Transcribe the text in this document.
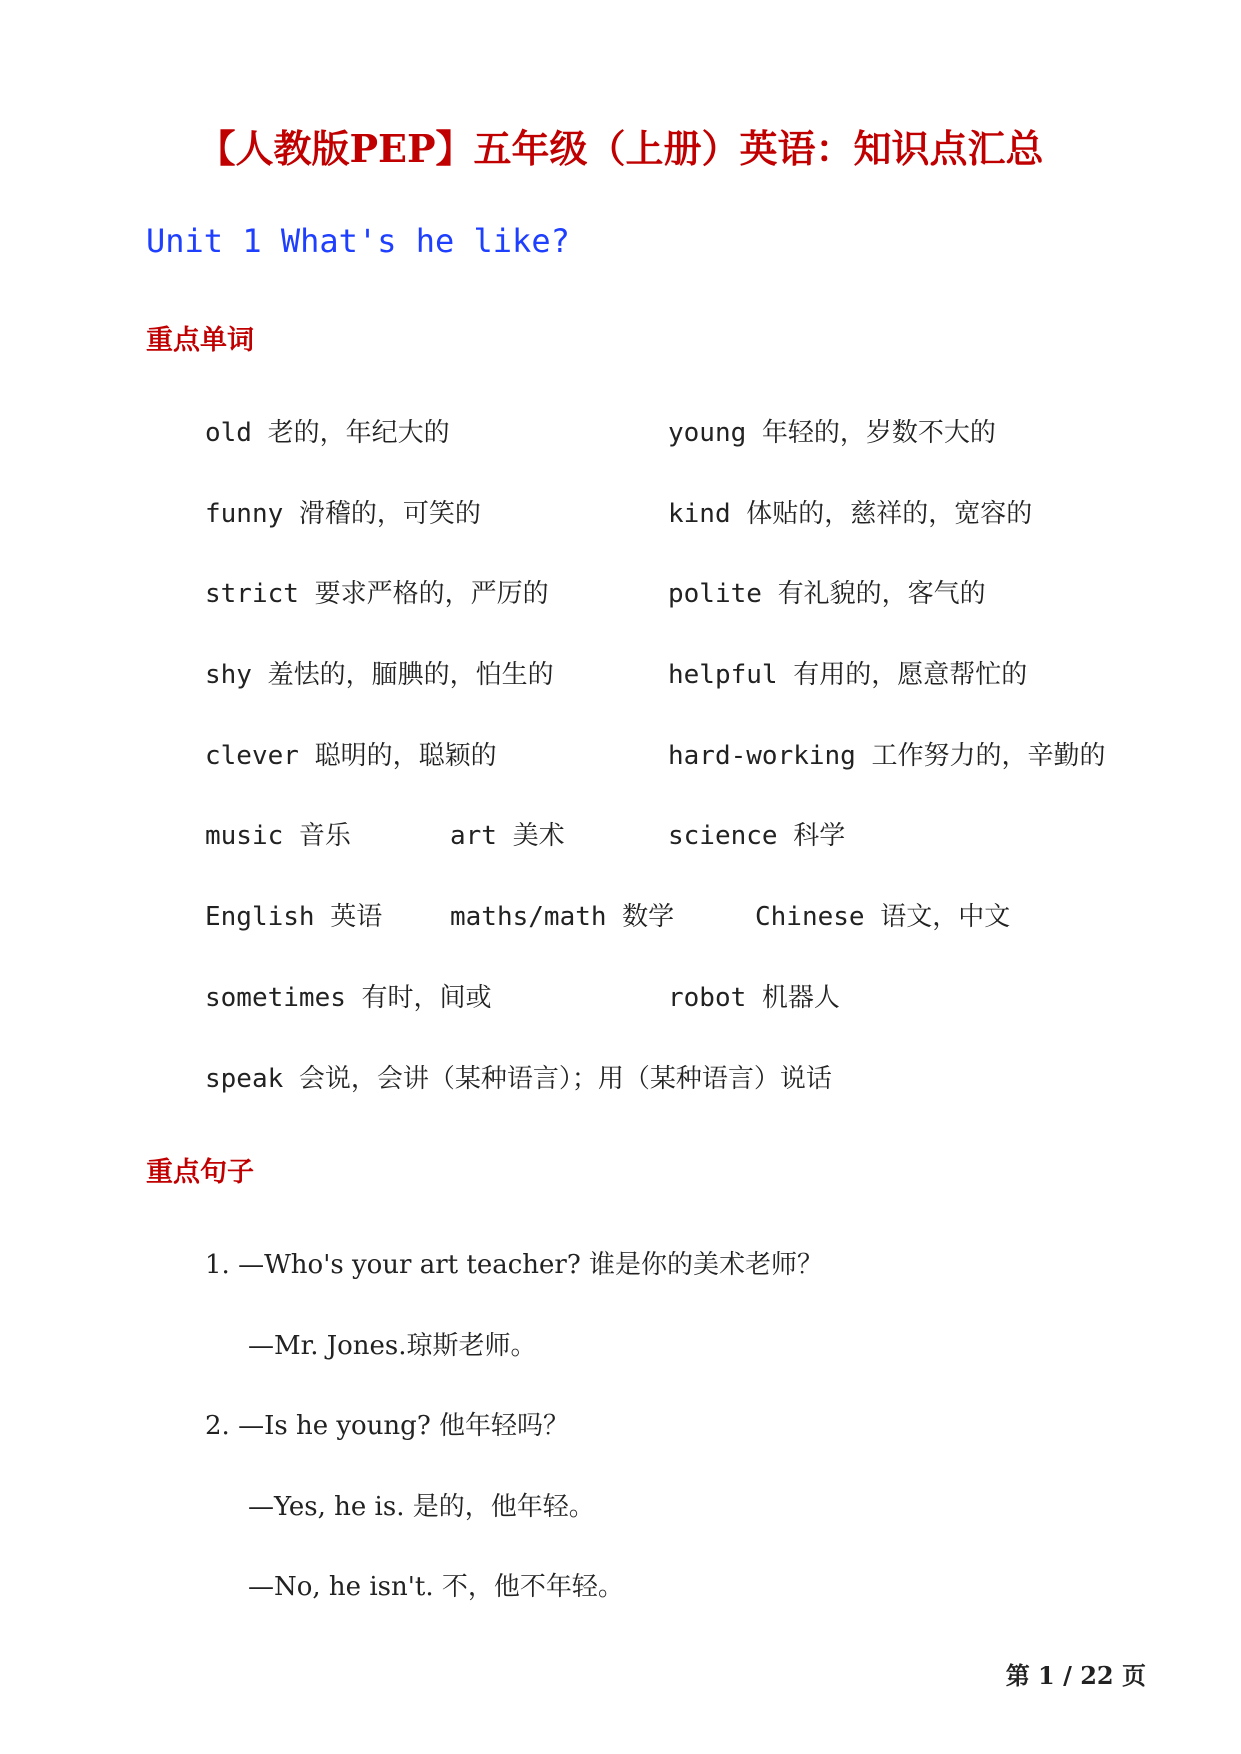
【人教版PEP】五年级（上册）英语：知识点汇总
Unit 1 What's he like?
重点单词
old 老的，年纪大的	young 年轻的，岁数不大的
funny 滑稽的，可笑的	kind 体贴的，慈祥的，宽容的
strict 要求严格的，严厉的	polite 有礼貌的，客气的
shy 羞怯的，腼腆的，怕生的	helpful 有用的，愿意帮忙的
clever 聪明的，聪颖的	hard-working 工作努力的，辛勤的
music 音乐	art 美术	science 科学
English 英语	maths/math 数学	Chinese 语文，中文
sometimes 有时，间或	robot 机器人
speak 会说，会讲（某种语言）；用（某种语言）说话
重点句子
1. —Who's your art teacher? 谁是你的美术老师？
—Mr. Jones.琼斯老师。
2. —Is he young? 他年轻吗？
—Yes, he is. 是的，他年轻。
—No, he isn't. 不，他不年轻。
第 1 / 22 页
